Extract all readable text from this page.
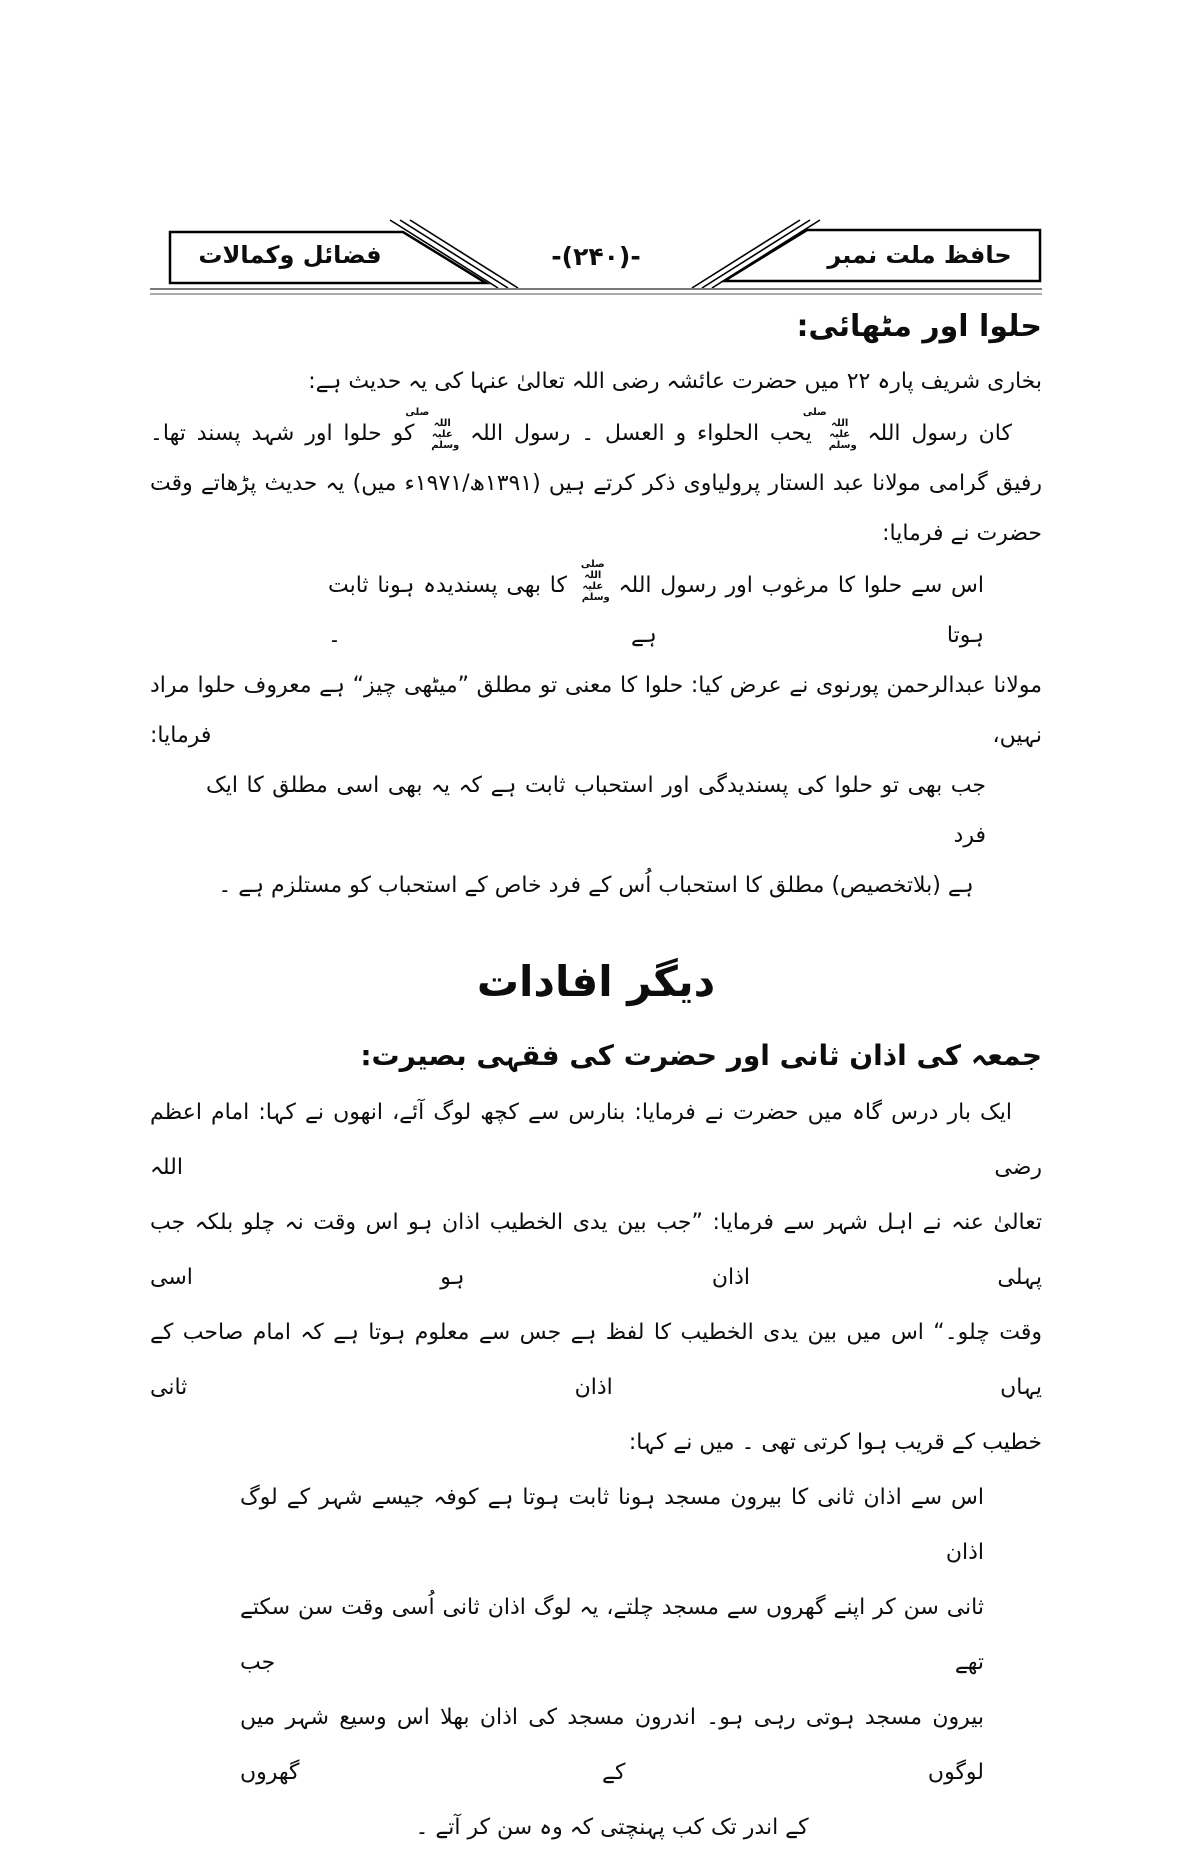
فضائل وکمالات	-(۲۴۰)-	حافظ ملت نمبر
حلوا اور مٹھائی:
بخاری شریف پارہ ۲۲ میں حضرت عائشہ رضی اللہ تعالیٰ عنہا کی یہ حدیث ہے:
کان رسول اللہ صلی اللہ علیہ وسلم یحب الحلواء و العسل ۔ رسول اللہ صلی اللہ علیہ وسلم کو حلوا اور شہد پسند تھا۔
رفیق گرامی مولانا عبد الستار پرولیاوی ذکر کرتے ہیں (۱۳۹۱ھ/۱۹۷۱ء میں) یہ حدیث پڑھاتے وقت
حضرت نے فرمایا:
اس سے حلوا کا مرغوب اور رسول اللہ صلی اللہ علیہ وسلم کا بھی پسندیدہ ہونا ثابت ہوتا ہے ۔
مولانا عبدالرحمن پورنوی نے عرض کیا: حلوا کا معنی تو مطلق ”میٹھی چیز“ ہے معروف حلوا مراد نہیں، فرمایا:
جب بھی تو حلوا کی پسندیدگی اور استحباب ثابت ہے کہ یہ بھی اسی مطلق کا ایک فرد
ہے (بلاتخصیص) مطلق کا استحباب اُس کے فرد خاص کے استحباب کو مستلزم ہے ۔
دیگر افادات
جمعہ کی اذان ثانی اور حضرت کی فقہی بصیرت:
ایک بار درس گاہ میں حضرت نے فرمایا: بنارس سے کچھ لوگ آئے، انھوں نے کہا: امام اعظم رضی اللہ
تعالیٰ عنہ نے اہل شہر سے فرمایا: ”جب بین یدی الخطیب اذان ہو اس وقت نہ چلو بلکہ جب پہلی اذان ہو اسی
وقت چلو۔“ اس میں بین یدی الخطیب کا لفظ ہے جس سے معلوم ہوتا ہے کہ امام صاحب کے یہاں اذان ثانی
خطیب کے قریب ہوا کرتی تھی ۔ میں نے کہا:
اس سے اذان ثانی کا بیرون مسجد ہونا ثابت ہوتا ہے کوفہ جیسے شہر کے لوگ اذان
ثانی سن کر اپنے گھروں سے مسجد چلتے، یہ لوگ اذان ثانی اُسی وقت سن سکتے تھے جب
بیرون مسجد ہوتی رہی ہو۔ اندرون مسجد کی اذان بھلا اس وسیع شہر میں لوگوں کے گھروں
کے اندر تک کب پہنچتی کہ وہ سن کر آتے ۔
